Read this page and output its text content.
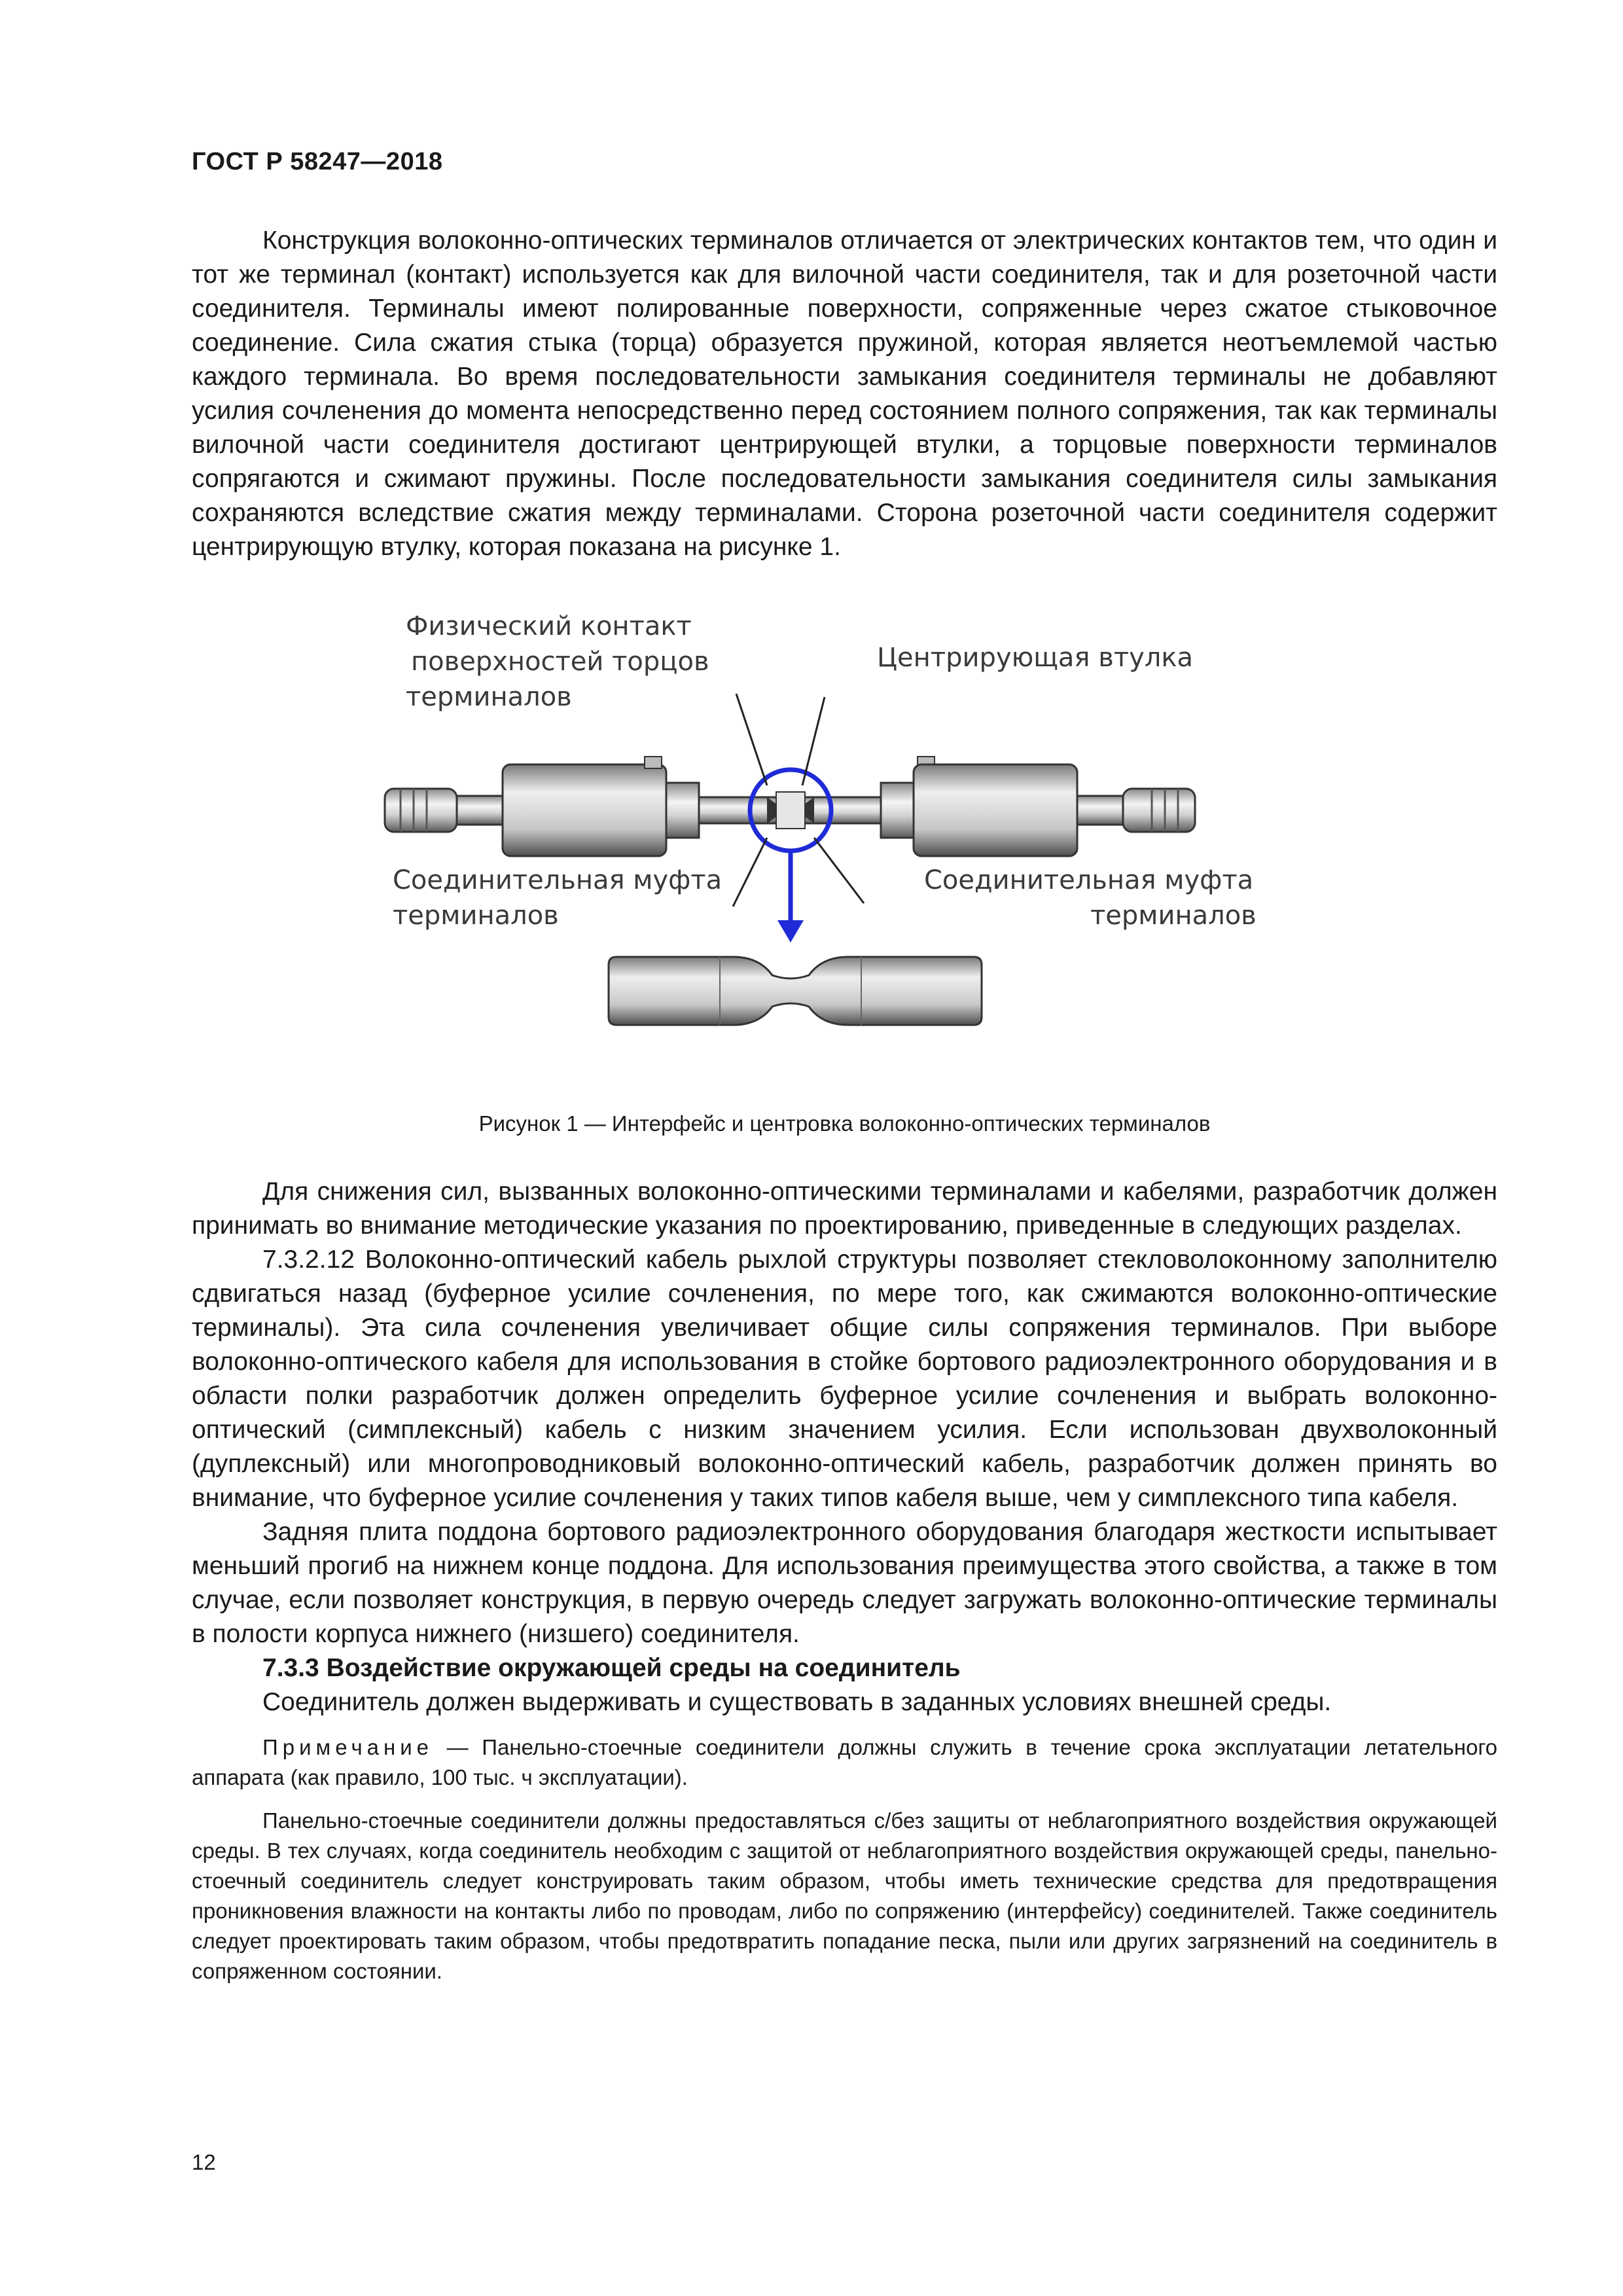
ГОСТ Р 58247—2018

Конструкция волоконно-оптических терминалов отличается от электрических контактов тем, что один и тот же терминал (контакт) используется как для вилочной части соединителя, так и для розеточной части соединителя. Терминалы имеют полированные поверхности, сопряженные через сжатое стыковочное соединение. Сила сжатия стыка (торца) образуется пружиной, которая является неотъемлемой частью каждого терминала. Во время последовательности замыкания соединителя терминалы не добавляют усилия сочленения до момента непосредственно перед состоянием полного сопряжения, так как терминалы вилочной части соединителя достигают центрирующей втулки, а торцовые поверхности терминалов сопрягаются и сжимают пружины. После последовательности замыкания соединителя силы замыкания сохраняются вследствие сжатия между терминалами. Сторона розеточной части соединителя содержит центрирующую втулку, которая показана на рисунке 1.

Физический контакт
поверхностей торцов
терминалов
Центрирующая втулка
Соединительная муфта
терминалов
Соединительная муфта
терминалов
Рисунок 1 — Интерфейс и центровка волоконно-оптических терминалов

Для снижения сил, вызванных волоконно-оптическими терминалами и кабелями, разработчик должен принимать во внимание методические указания по проектированию, приведенные в следующих разделах.

7.3.2.12 Волоконно-оптический кабель рыхлой структуры позволяет стекловолоконному заполнителю сдвигаться назад (буферное усилие сочленения, по мере того, как сжимаются волоконно-оптические терминалы). Эта сила сочленения увеличивает общие силы сопряжения терминалов. При выборе волоконно-оптического кабеля для использования в стойке бортового радиоэлектронного оборудования и в области полки разработчик должен определить буферное усилие сочленения и выбрать волоконно-оптический (симплексный) кабель с низким значением усилия. Если использован двухволоконный (дуплексный) или многопроводниковый волоконно-оптический кабель, разработчик должен принять во внимание, что буферное усилие сочленения у таких типов кабеля выше, чем у симплексного типа кабеля.

Задняя плита поддона бортового радиоэлектронного оборудования благодаря жесткости испытывает меньший прогиб на нижнем конце поддона. Для использования преимущества этого свойства, а также в том случае, если позволяет конструкция, в первую очередь следует загружать волоконно-оптические терминалы в полости корпуса нижнего (низшего) соединителя.

7.3.3 Воздействие окружающей среды на соединитель

Соединитель должен выдерживать и существовать в заданных условиях внешней среды.

Примечание — Панельно-стоечные соединители должны служить в течение срока эксплуатации летательного аппарата (как правило, 100 тыс. ч эксплуатации).

Панельно-стоечные соединители должны предоставляться с/без защиты от неблагоприятного воздействия окружающей среды. В тех случаях, когда соединитель необходим с защитой от неблагоприятного воздействия окружающей среды, панельно-стоечный соединитель следует конструировать таким образом, чтобы иметь технические средства для предотвращения проникновения влажности на контакты либо по проводам, либо по сопряжению (интерфейсу) соединителей. Также соединитель следует проектировать таким образом, чтобы предотвратить попадание песка, пыли или других загрязнений на соединитель в сопряженном состоянии.

12
